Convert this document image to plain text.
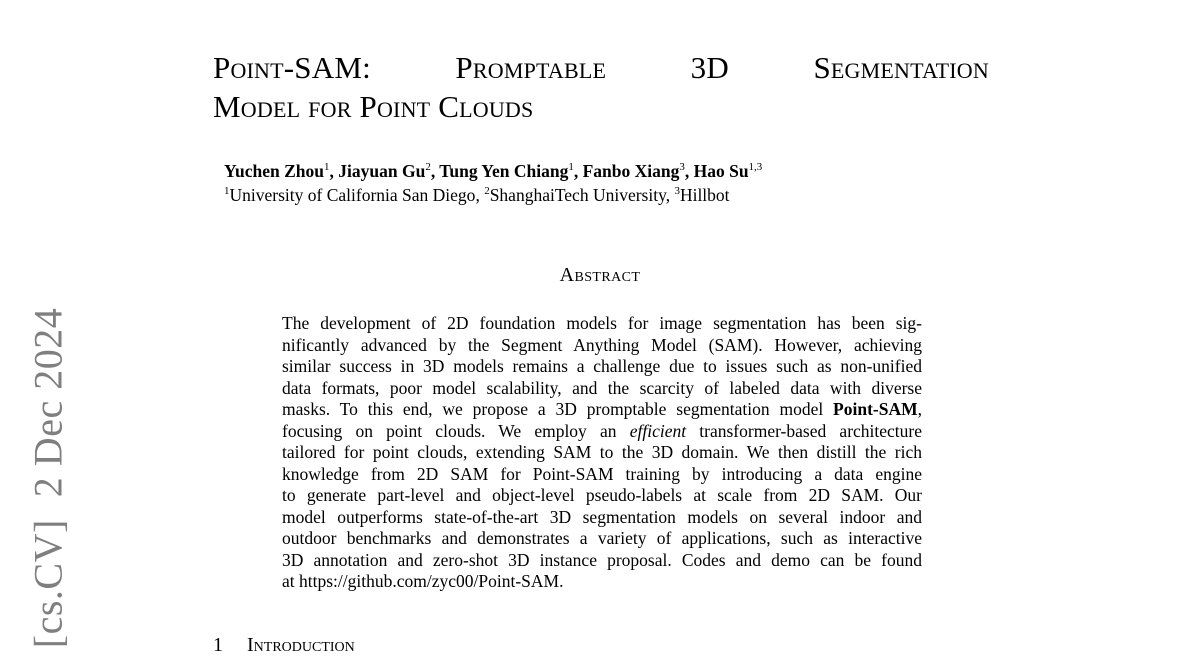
Point-SAM:	Promptable	3D	Segmentation
Model for Point Clouds
Yuchen Zhou$^1$, Jiayuan Gu$^2$, Tung Yen Chiang$^1$, Fanbo Xiang$^3$, Hao Su$^{1,3}$
$^1$University of California San Diego, $^2$ShanghaiTech University, $^3$Hillbot
Abstract
The development of 2D foundation models for image segmentation has been sig-
nificantly advanced by the Segment Anything Model (SAM). However, achieving
similar success in 3D models remains a challenge due to issues such as non-unified
data formats, poor model scalability, and the scarcity of labeled data with diverse
masks. To this end, we propose a 3D promptable segmentation model Point-SAM,
focusing on point clouds. We employ an efficient transformer-based architecture
tailored for point clouds, extending SAM to the 3D domain. We then distill the rich
knowledge from 2D SAM for Point-SAM training by introducing a data engine
to generate part-level and object-level pseudo-labels at scale from 2D SAM. Our
model outperforms state-of-the-art 3D segmentation models on several indoor and
outdoor benchmarks and demonstrates a variety of applications, such as interactive
3D annotation and zero-shot 3D instance proposal. Codes and demo can be found
at https://github.com/zyc00/Point-SAM.
1 Introduction
[cs.CV]2 Dec 2024
